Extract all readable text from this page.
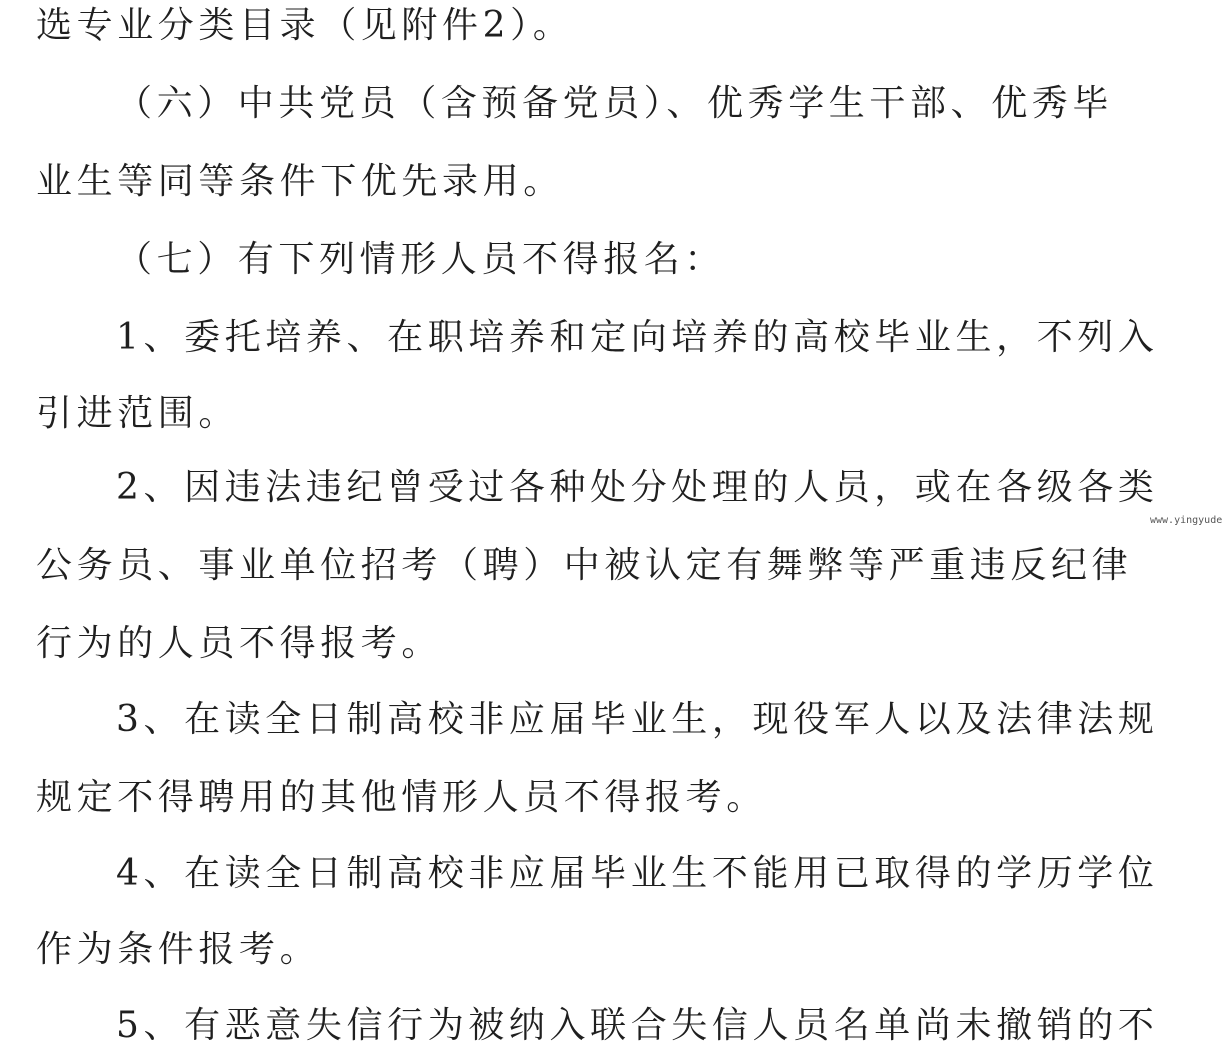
选专业分类目录（见附件2）。
（六）中共党员（含预备党员）、优秀学生干部、优秀毕
业生等同等条件下优先录用。
（七）有下列情形人员不得报名：
1、委托培养、在职培养和定向培养的高校毕业生，不列入
引进范围。
2、因违法违纪曾受过各种处分处理的人员，或在各级各类
公务员、事业单位招考（聘）中被认定有舞弊等严重违反纪律
行为的人员不得报考。
3、在读全日制高校非应届毕业生，现役军人以及法律法规
规定不得聘用的其他情形人员不得报考。
4、在读全日制高校非应届毕业生不能用已取得的学历学位
作为条件报考。
5、有恶意失信行为被纳入联合失信人员名单尚未撤销的不
www.yingyude
